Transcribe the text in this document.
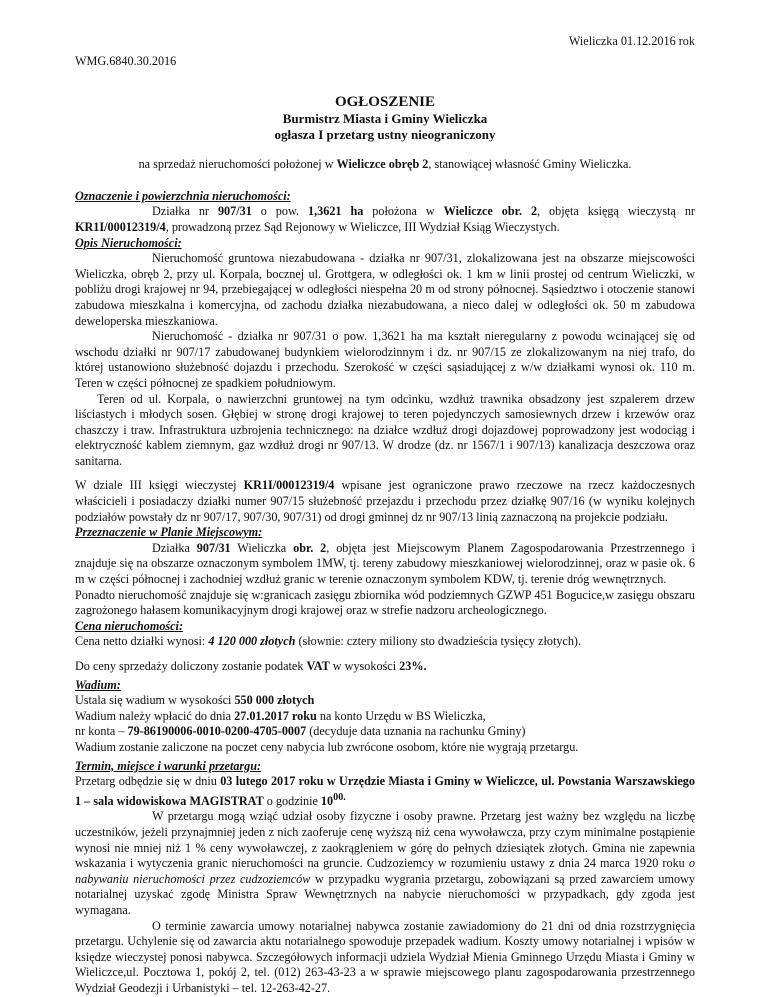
Wieliczka 01.12.2016 rok

WMG.6840.30.2016

OGŁOSZENIE
Burmistrz Miasta i Gminy Wieliczka
ogłasza I przetarg ustny nieograniczony

na sprzedaż nieruchomości położonej w Wieliczce obręb 2, stanowiącej własność Gminy Wieliczka.

Oznaczenie i powierzchnia nieruchomości:

Działka nr 907/31 o pow. 1,3621 ha położona w Wieliczce obr. 2, objęta księgą wieczystą nr KR1I/00012319/4, prowadzoną przez Sąd Rejonowy w Wieliczce, III Wydział Ksiąg Wieczystych.

Opis Nieruchomości:

Nieruchomość gruntowa niezabudowana - działka nr 907/31, zlokalizowana jest na obszarze miejscowości Wieliczka, obręb 2, przy ul. Korpala, bocznej ul. Grottgera, w odległości ok. 1 km w linii prostej od centrum Wieliczki, w pobliżu drogi krajowej nr 94, przebiegającej w odległości niespełna 20 m od strony północnej. Sąsiedztwo i otoczenie stanowi zabudowa mieszkalna i komercyjna, od zachodu działka niezabudowana, a nieco dalej w odległości ok. 50 m zabudowa deweloperska mieszkaniowa.

Nieruchomość - działka nr 907/31 o pow. 1,3621 ha ma kształt nieregularny z powodu wcinającej się od wschodu działki nr 907/17 zabudowanej budynkiem wielorodzinnym i dz. nr 907/15 ze zlokalizowanym na niej trafo, do której ustanowiono służebność dojazdu i przechodu. Szerokość w części sąsiadującej z w/w działkami wynosi ok. 110 m. Teren w części północnej ze spadkiem południowym.

Teren od ul. Korpala, o nawierzchni gruntowej na tym odcinku, wzdłuż trawnika obsadzony jest szpalerem drzew liściastych i młodych sosen. Głębiej w stronę drogi krajowej to teren pojedynczych samosiewnych drzew i krzewów oraz chaszczy i traw. Infrastruktura uzbrojenia technicznego: na działce wzdłuż drogi dojazdowej poprowadzony jest wodociąg i elektryczność kablem ziemnym, gaz wzdłuż drogi nr 907/13. W drodze (dz. nr 1567/1 i 907/13) kanalizacja deszczowa oraz sanitarna.

W dziale III księgi wieczystej KR1I/00012319/4 wpisane jest ograniczone prawo rzeczowe na rzecz każdoczesnych właścicieli i posiadaczy działki numer 907/15 służebność przejazdu i przechodu przez działkę 907/16 (w wyniku kolejnych podziałów powstały dz nr 907/17, 907/30, 907/31) od drogi gminnej dz nr 907/13 linią zaznaczoną na projekcie podziału.

Przeznaczenie w Planie Miejscowym:

Działka 907/31 Wieliczka obr. 2, objęta jest Miejscowym Planem Zagospodarowania Przestrzennego i znajduje się na obszarze oznaczonym symbolem 1MW, tj. tereny zabudowy mieszkaniowej wielorodzinnej, oraz w pasie ok. 6 m w części północnej i zachodniej wzdłuż granic w terenie oznaczonym symbolem KDW, tj. terenie dróg wewnętrznych.

Ponadto nieruchomość znajduje się w:granicach zasięgu zbiornika wód podziemnych GZWP 451 Bogucice,w zasięgu obszaru zagrożonego hałasem komunikacyjnym drogi krajowej oraz w strefie nadzoru archeologicznego.

Cena nieruchomości:

Cena netto działki wynosi: 4 120 000 złotych (słownie: cztery miliony sto dwadzieścia tysięcy złotych).

Do ceny sprzedaży doliczony zostanie podatek VAT w wysokości 23%.

Wadium:

Ustala się wadium w wysokości 550 000 złotych

Wadium należy wpłacić do dnia 27.01.2017 roku na konto Urzędu w BS Wieliczka,

nr konta – 79-86190006-0010-0200-4705-0007 (decyduje data uznania na rachunku Gminy)

Wadium zostanie zaliczone na poczet ceny nabycia lub zwrócone osobom, które nie wygrają przetargu.

Termin, miejsce i warunki przetargu:

Przetarg odbędzie się w dniu 03 lutego 2017 roku w Urzędzie Miasta i Gminy w Wieliczce, ul. Powstania Warszawskiego 1 – sala widowiskowa MAGISTRAT o godzinie $10^{00.}$

W przetargu mogą wziąć udział osoby fizyczne i osoby prawne. Przetarg jest ważny bez względu na liczbę uczestników, jeżeli przynajmniej jeden z nich zaoferuje cenę wyższą niż cena wywoławcza, przy czym minimalne postąpienie wynosi nie mniej niż 1 % ceny wywoławczej, z zaokrągleniem w górę do pełnych dziesiątek złotych. Gmina nie zapewnia wskazania i wytyczenia granic nieruchomości na gruncie. Cudzoziemcy w rozumieniu ustawy z dnia 24 marca 1920 roku o nabywaniu nieruchomości przez cudzoziemców w przypadku wygrania przetargu, zobowiązani są przed zawarciem umowy notarialnej uzyskać zgodę Ministra Spraw Wewnętrznych na nabycie nieruchomości w przypadkach, gdy zgoda jest wymagana.

O terminie zawarcia umowy notarialnej nabywca zostanie zawiadomiony do 21 dni od dnia rozstrzygnięcia przetargu. Uchylenie się od zawarcia aktu notarialnego spowoduje przepadek wadium. Koszty umowy notarialnej i wpisów w księdze wieczystej ponosi nabywca. Szczegółowych informacji udziela Wydział Mienia Gminnego Urzędu Miasta i Gminy w Wieliczce,ul. Pocztowa 1, pokój 2, tel. (012) 263-43-23 a w sprawie miejscowego planu zagospodarowania przestrzennego Wydział Geodezji i Urbanistyki – tel. 12-263-42-27.
